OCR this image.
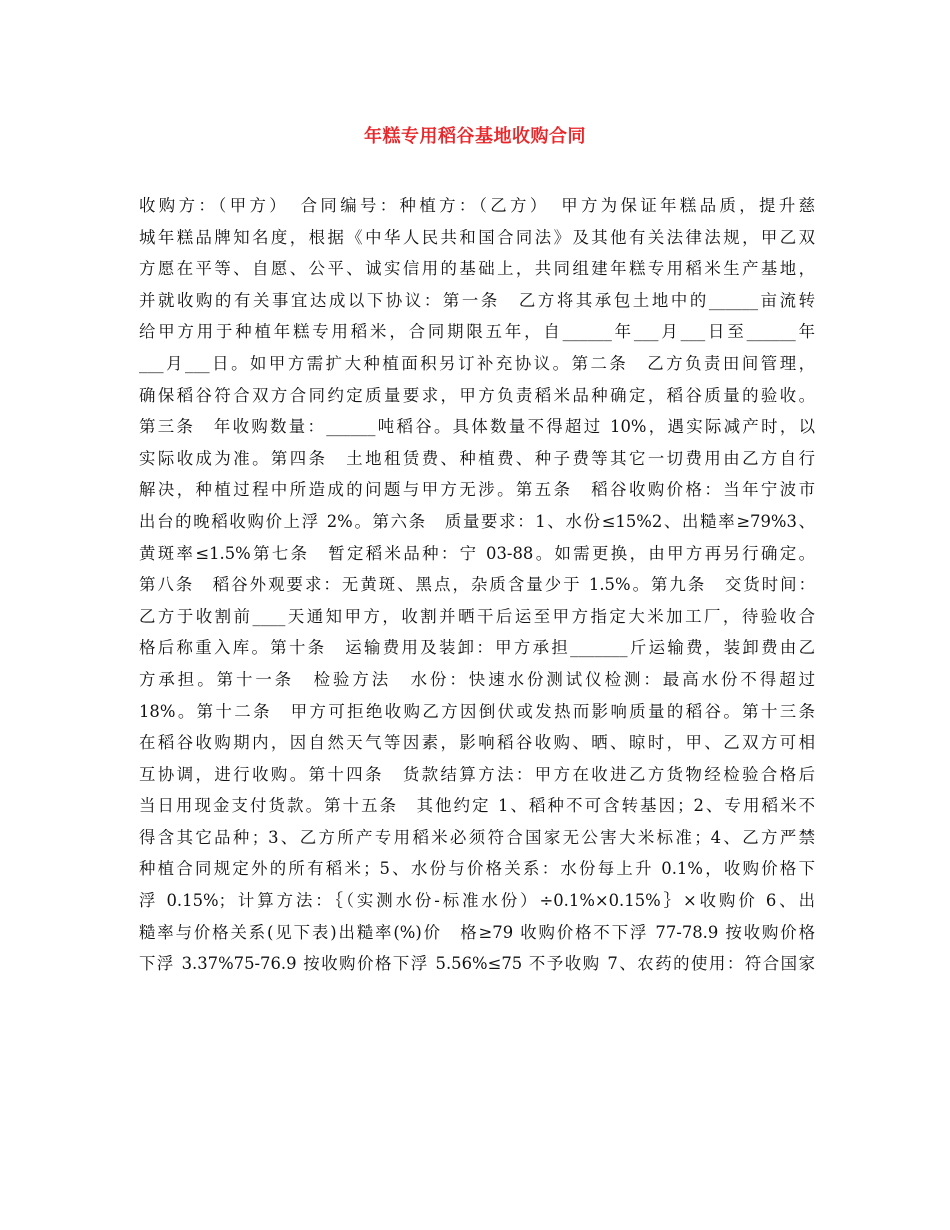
年糕专用稻谷基地收购合同
收购方：（甲方）　合同编号：种植方：（乙方）　甲方为保证年糕品质，提升慈
城年糕品牌知名度，根据《中华人民共和国合同法》及其他有关法律法规，甲乙双
方愿在平等、自愿、公平、诚实信用的基础上，共同组建年糕专用稻米生产基地，
并就收购的有关事宜达成以下协议：第一条　乙方将其承包土地中的______亩流转
给甲方用于种植年糕专用稻米，合同期限五年，自______年___月___日至______年
___月___日。如甲方需扩大种植面积另订补充协议。第二条　乙方负责田间管理，
确保稻谷符合双方合同约定质量要求，甲方负责稻米品种确定，稻谷质量的验收。
第三条　年收购数量：______吨稻谷。具体数量不得超过 10%，遇实际减产时，以
实际收成为准。第四条　土地租赁费、种植费、种子费等其它一切费用由乙方自行
解决，种植过程中所造成的问题与甲方无涉。第五条　稻谷收购价格：当年宁波市
出台的晚稻收购价上浮 2%。第六条　质量要求：1、水份≤15%2、出糙率≥79%3、
黄斑率≤1.5%第七条　暂定稻米品种：宁 03-88。如需更换，由甲方再另行确定。
第八条　稻谷外观要求：无黄斑、黑点，杂质含量少于 1.5%。第九条　交货时间：
乙方于收割前____天通知甲方，收割并晒干后运至甲方指定大米加工厂，待验收合
格后称重入库。第十条　运输费用及装卸：甲方承担_______斤运输费，装卸费由乙
方承担。第十一条　检验方法　水份：快速水份测试仪检测：最高水份不得超过
18%。第十二条　甲方可拒绝收购乙方因倒伏或发热而影响质量的稻谷。第十三条
在稻谷收购期内，因自然天气等因素，影响稻谷收购、晒、晾时，甲、乙双方可相
互协调，进行收购。第十四条　货款结算方法：甲方在收进乙方货物经检验合格后
当日用现金支付货款。第十五条　其他约定 1、稻种不可含转基因；2、专用稻米不
得含其它品种；3、乙方所产专用稻米必须符合国家无公害大米标准；4、乙方严禁
种植合同规定外的所有稻米；5、水份与价格关系：水份每上升 0.1%，收购价格下
浮 0.15%；计算方法：｛（实测水份-标准水份）÷0.1%×0.15%｝×收购价 6、出
糙率与价格关系(见下表)出糙率(%)价　格≥79 收购价格不下浮 77-78.9 按收购价格
下浮 3.37%75-76.9 按收购价格下浮 5.56%≤75 不予收购 7、农药的使用：符合国家
